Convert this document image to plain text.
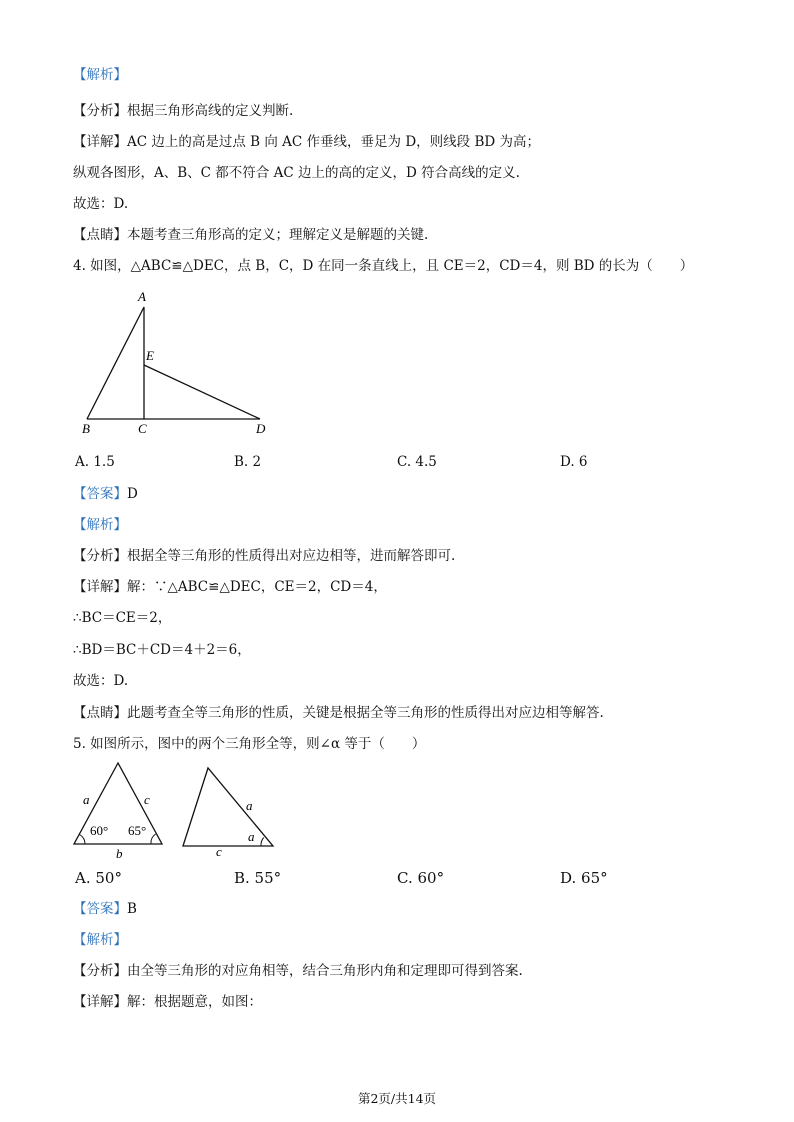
【解析】
【分析】根据三角形高线的定义判断.
【详解】AC 边上的高是过点 B 向 AC 作垂线，垂足为 D，则线段 BD 为高；
纵观各图形，A、B、C 都不符合 AC 边上的高的定义，D 符合高线的定义.
故选：D.
【点睛】本题考查三角形高的定义；理解定义是解题的关键.
4. 如图，△ABC≌△DEC，点 B，C，D 在同一条直线上，且 CE＝2，CD＝4，则 BD 的长为（　　）
A
E
B	C	D
A. 1.5	B. 2	C. 4.5	D. 6
【答案】D
【解析】
【分析】根据全等三角形的性质得出对应边相等，进而解答即可.
【详解】解：∵△ABC≌△DEC，CE＝2，CD＝4，
∴BC＝CE＝2，
∴BD＝BC＋CD＝4＋2＝6，
故选：D.
【点睛】此题考查全等三角形的性质，关键是根据全等三角形的性质得出对应边相等解答.
5. 如图所示，图中的两个三角形全等，则∠α 等于（　　）
a	c
b
60° 65°
a
a
c
A. 50°	B. 55°	C. 60°	D. 65°
【答案】B
【解析】
【分析】由全等三角形的对应角相等，结合三角形内角和定理即可得到答案.
【详解】解：根据题意，如图：
第2页/共14页
